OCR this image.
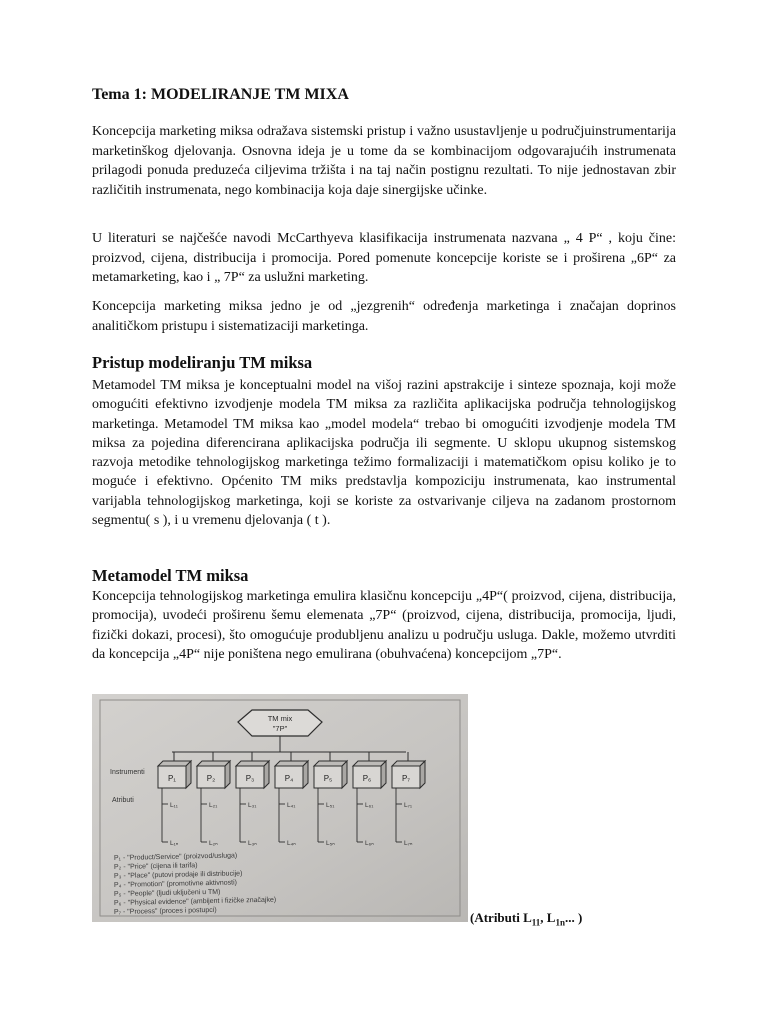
Tema 1: MODELIRANJE TM MIXA

Koncepcija marketing miksa odražava sistemski pristup i važno usustavljenje u područjuinstrumentarija marketinškog djelovanja. Osnovna ideja je u tome da se kombinacijom odgovarajućih instrumenata prilagodi ponuda preduzeća ciljevima tržišta i na taj način postignu rezultati. To nije jednostavan zbir različitih instrumenata, nego kombinacija koja daje sinergijske učinke.

U literaturi se najčešće navodi McCarthyeva klasifikacija instrumenata nazvana „ 4 P“ , koju čine: proizvod, cijena, distribucija i promocija. Pored pomenute koncepcije koriste se i proširena „6P“ za metamarketing, kao i „ 7P“ za uslužni marketing.

Koncepcija marketing miksa jedno je od „jezgrenih“ određenja marketinga i značajan doprinos analitičkom pristupu i sistematizaciji marketinga.

Pristup modeliranju TM miksa

Metamodel TM miksa je konceptualni model na višoj razini apstrakcije i sinteze spoznaja, koji može omogućiti efektivno izvodjenje modela TM miksa za različita aplikacijska područja tehnologijskog marketinga. Metamodel TM miksa kao „model modela“ trebao bi omogućiti izvodjenje modela TM miksa za pojedina diferencirana aplikacijska područja ili segmente. U sklopu ukupnog sistemskog razvoja metodike tehnologijskog marketinga težimo formalizaciji i matematičkom opisu koliko je to moguće i efektivno. Općenito TM miks predstavlja kompoziciju instrumenata, kao instrumental varijabla tehnologijskog marketinga, koji se koriste za ostvarivanje ciljeva na zadanom prostornom segmentu( s ), i u vremenu djelovanja ( t ).

Metamodel TM miksa

Koncepcija tehnologijskog marketinga emulira klasičnu koncepciju „4P“( proizvod, cijena, distribucija, promocija), uvodeći proširenu šemu elemenata „7P“ (proizvod, cijena, distribucija, promocija, ljudi, fizički dokazi, procesi), što omogućuje produbljenu analizu u području usluga. Dakle, možemo utvrditi da koncepcija „4P“ nije poništena nego emulirana (obuhvaćena) koncepcijom „7P“.

TM mix
"7P"
Instrumenti
Atributi
P₁
L₁₁
L₁ₙ
P₂
L₂₁
L₂ₙ
P₃
L₃₁
L₃ₙ
P₄
L₄₁
L₄ₙ
P₅
L₅₁
L₅ₙ
P₆
L₆₁
L₆ₙ
P₇
L₇₁
L₇ₙ
P₁ - "Product/Service" (proizvod/usluga)
P₂ - "Price" (cijena ili tarifa)
P₃ - "Place" (putovi prodaje ili distribucije)
P₄ - "Promotion" (promotivne aktivnosti)
P₅ - "People" (ljudi uključeni u TM)
P₆ - "Physical evidence" (ambijent i fizičke značajke)
P₇ - "Process" (proces i postupci)	(Atributi $L_{11}$, $L_{1n}$... )
